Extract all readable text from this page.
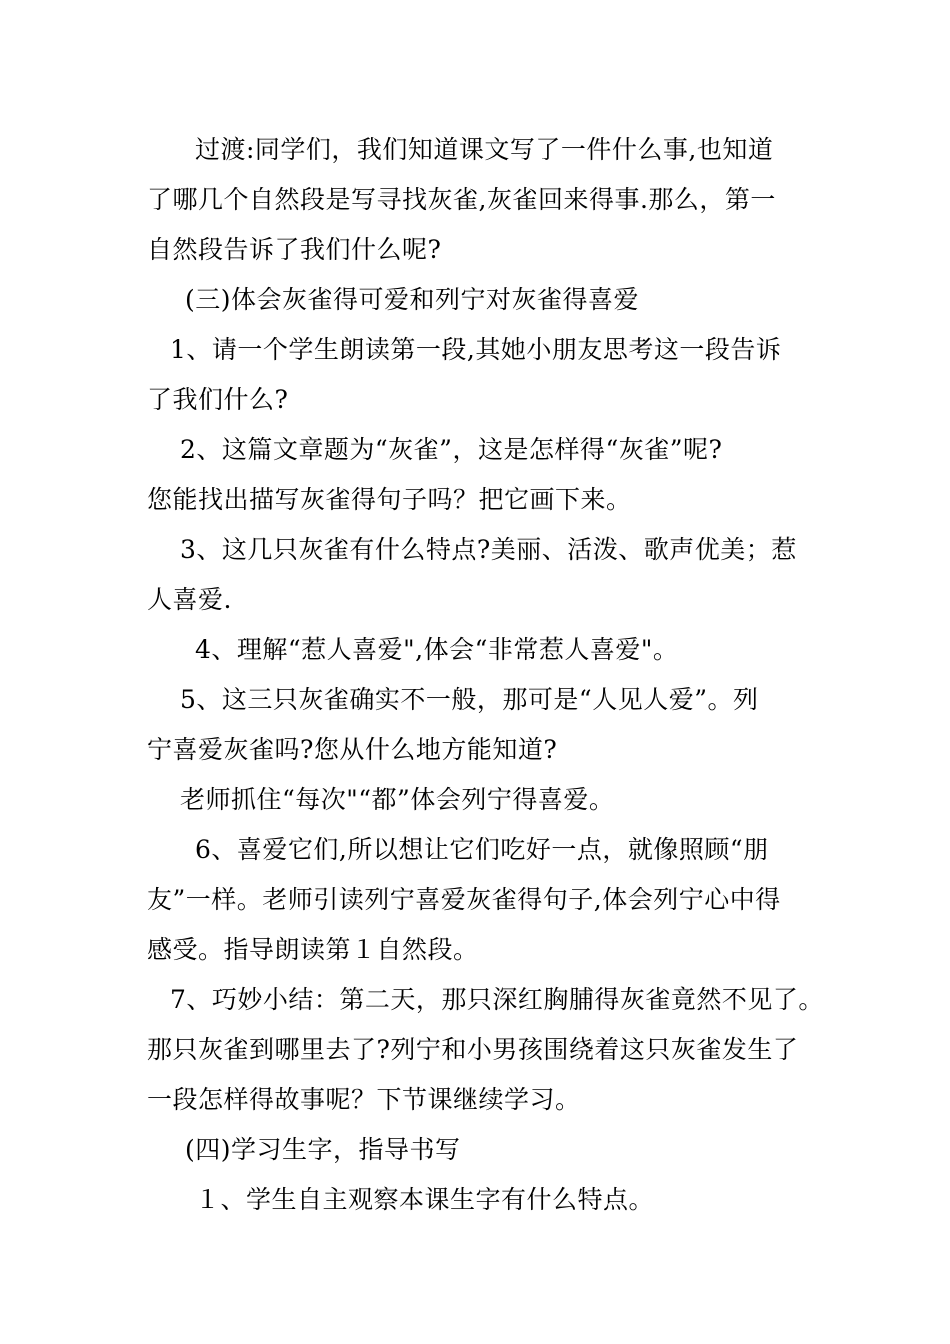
过渡:同学们，我们知道课文写了一件什么事,也知道
了哪几个自然段是写寻找灰雀,灰雀回来得事.那么，第一
自然段告诉了我们什么呢?
(三)体会灰雀得可爱和列宁对灰雀得喜爱
1、请一个学生朗读第一段,其她小朋友思考这一段告诉
了我们什么?
2、这篇文章题为“灰雀”，这是怎样得“灰雀”呢?
您能找出描写灰雀得句子吗？把它画下来。
3、这几只灰雀有什么特点?美丽、活泼、歌声优美；惹
人喜爱.
4、理解“惹人喜爱",体会“非常惹人喜爱"。
5、这三只灰雀确实不一般，那可是“人见人爱”。列
宁喜爱灰雀吗?您从什么地方能知道?
老师抓住“每次"“都”体会列宁得喜爱。
6、喜爱它们,所以想让它们吃好一点，就像照顾“朋
友”一样。老师引读列宁喜爱灰雀得句子,体会列宁心中得
感受。指导朗读第１自然段。
7、巧妙小结：第二天，那只深红胸脯得灰雀竟然不见了。
那只灰雀到哪里去了?列宁和小男孩围绕着这只灰雀发生了
一段怎样得故事呢？下节课继续学习。
(四)学习生字，指导书写
１、学生自主观察本课生字有什么特点。
